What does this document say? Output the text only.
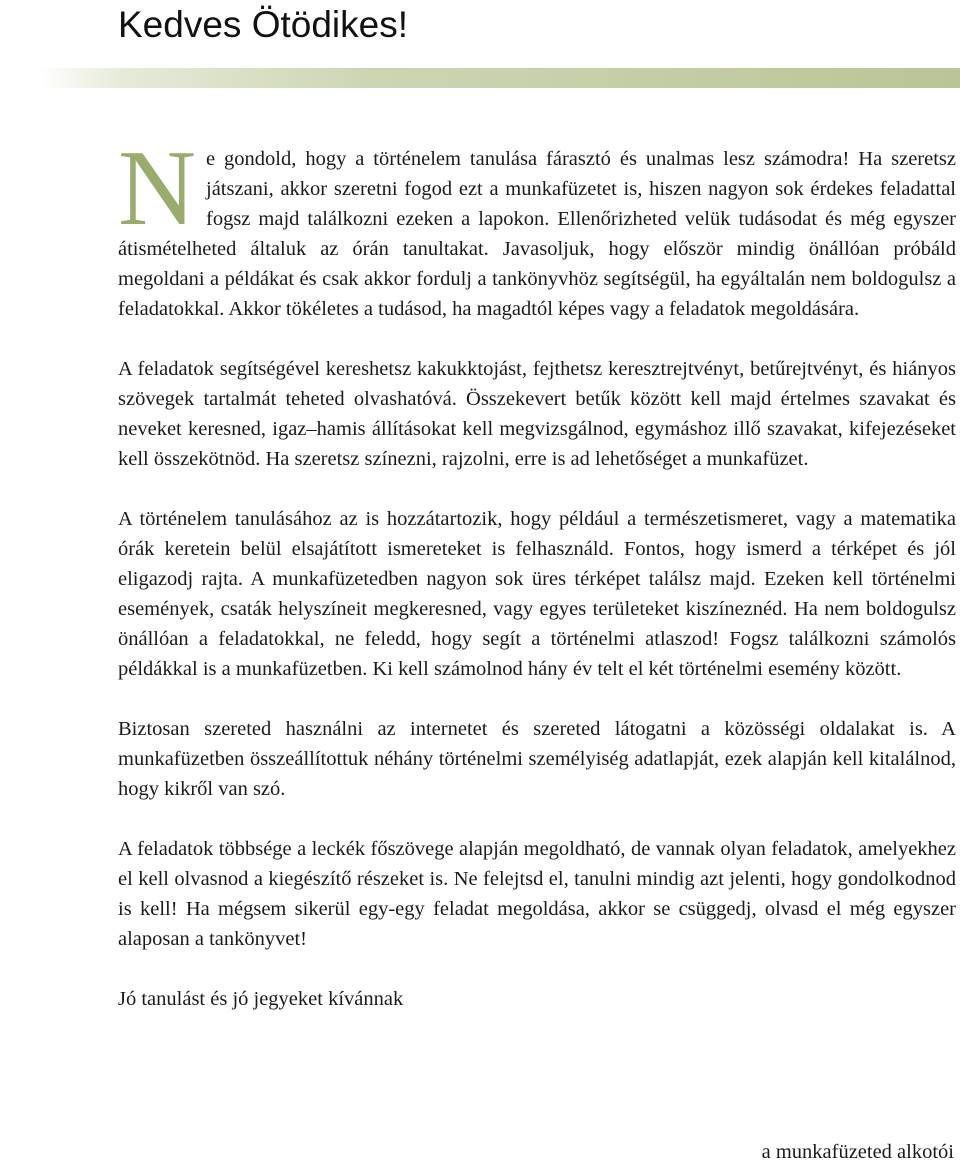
Kedves Ötödikes!

Ne gondold, hogy a történelem tanulása fárasztó és unalmas lesz számodra! Ha szeretsz játszani, akkor szeretni fogod ezt a munkafüzetet is, hiszen nagyon sok érdekes feladattal fogsz majd találkozni ezeken a lapokon. Ellenőrizheted velük tudásodat és még egyszer átismételheted általuk az órán tanultakat. Javasoljuk, hogy először mindig önállóan próbáld megoldani a példákat és csak akkor fordulj a tankönyvhöz segítségül, ha egyáltalán nem boldogulsz a feladatokkal. Akkor tökéletes a tudásod, ha magadtól képes vagy a feladatok megoldására.

A feladatok segítségével kereshetsz kakukktojást, fejthetsz keresztrejtvényt, betűrejtvényt, és hiányos szövegek tartalmát teheted olvashatóvá. Összekevert betűk között kell majd értelmes szavakat és neveket keresned, igaz–hamis állításokat kell megvizsgálnod, egymáshoz illő szavakat, kifejezéseket kell összekötnöd. Ha szeretsz színezni, rajzolni, erre is ad lehetőséget a munkafüzet.

A történelem tanulásához az is hozzátartozik, hogy például a természetismeret, vagy a matematika órák keretein belül elsajátított ismereteket is felhasználd. Fontos, hogy ismerd a térképet és jól eligazodj rajta. A munkafüzetedben nagyon sok üres térképet találsz majd. Ezeken kell történelmi események, csaták helyszíneit megkeresned, vagy egyes területeket kiszíneznéd. Ha nem boldogulsz önállóan a feladatokkal, ne feledd, hogy segít a történelmi atlaszod! Fogsz találkozni számolós példákkal is a munkafüzetben. Ki kell számolnod hány év telt el két történelmi esemény között.

Biztosan szereted használni az internetet és szereted látogatni a közösségi oldalakat is. A munkafüzetben összeállítottuk néhány történelmi személyiség adatlapját, ezek alapján kell kitalálnod, hogy kikről van szó.

A feladatok többsége a leckék főszövege alapján megoldható, de vannak olyan feladatok, amelyekhez el kell olvasnod a kiegészítő részeket is. Ne felejtsd el, tanulni mindig azt jelenti, hogy gondolkodnod is kell! Ha mégsem sikerül egy-egy feladat megoldása, akkor se csüggedj, olvasd el még egyszer alaposan a tankönyvet!

Jó tanulást és jó jegyeket kívánnak

a munkafüzeted alkotói
